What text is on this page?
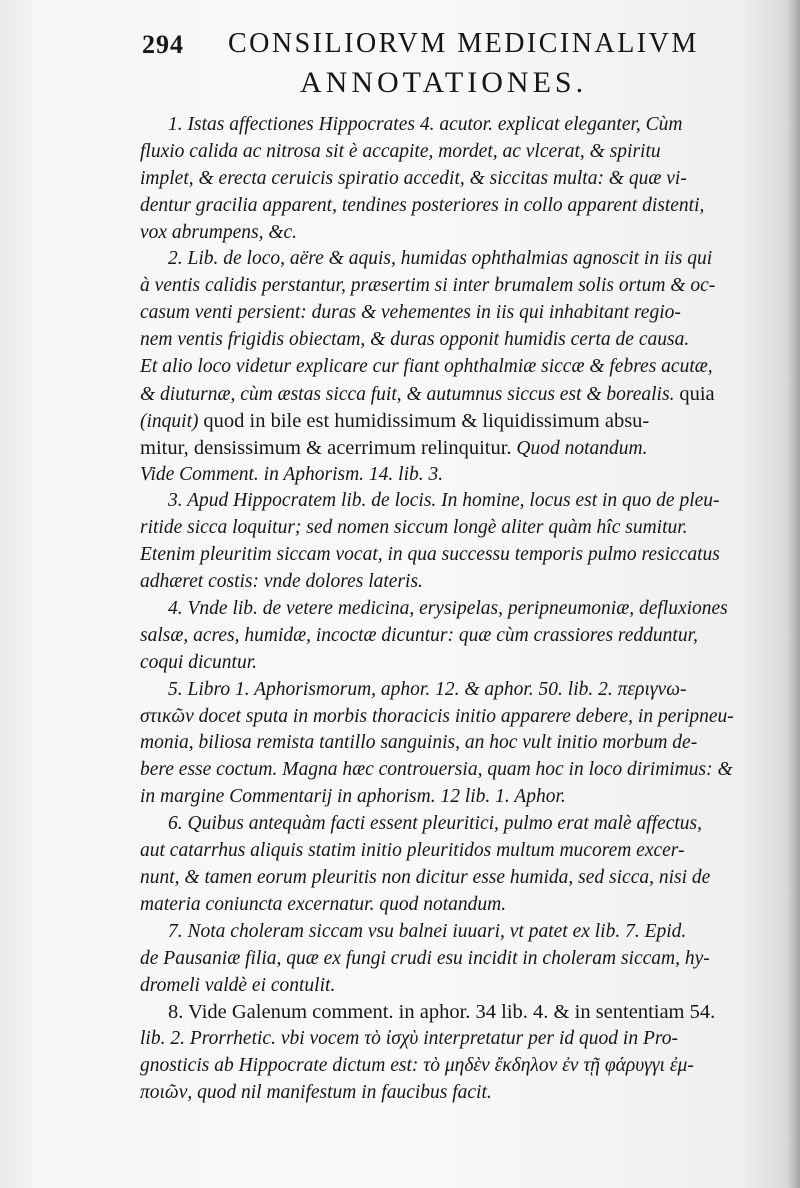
294 CONSILIORVM MEDICINALIVM
ANNOTATIONES.
1. Istas affectiones Hippocrates 4. acutor. explicat eleganter, Cùm
fluxio calida ac nitrosa sit è accapite, mordet, ac vlcerat, & spiritu
implet, & erecta ceruicis spiratio accedit, & siccitas multa: & quæ vi-
dentur gracilia apparent, tendines posteriores in collo apparent distenti,
vox abrumpens, &c.
2. Lib. de loco, aëre & aquis, humidas ophthalmias agnoscit in iis qui
à ventis calidis perstantur, præsertim si inter brumalem solis ortum & oc-
casum venti persient: duras & vehementes in iis qui inhabitant regio-
nem ventis frigidis obiectam, & duras opponit humidis certa de causa.
Et alio loco videtur explicare cur fiant ophthalmiæ siccæ & febres acutæ,
& diuturnæ, cùm æstas sicca fuit, & autumnus siccus est & borealis. quia
(inquit) quod in bile est humidissimum & liquidissimum absu-
mitur, densissimum & acerrimum relinquitur. Quod notandum.
Vide Comment. in Aphorism. 14. lib. 3.
3. Apud Hippocratem lib. de locis. In homine, locus est in quo de pleu-
ritide sicca loquitur; sed nomen siccum longè aliter quàm hîc sumitur.
Etenim pleuritim siccam vocat, in qua successu temporis pulmo resiccatus
adhæret costis: vnde dolores lateris.
4. Vnde lib. de vetere medicina, erysipelas, peripneumoniæ, defluxiones
salsæ, acres, humidæ, incoctæ dicuntur: quæ cùm crassiores redduntur,
coqui dicuntur.
5. Libro 1. Aphorismorum, aphor. 12. & aphor. 50. lib. 2. περιγνω-
στικῶν docet sputa in morbis thoracicis initio apparere debere, in peripneu-
monia, biliosa remista tantillo sanguinis, an hoc vult initio morbum de-
bere esse coctum. Magna hæc controuersia, quam hoc in loco dirimimus: &
in margine Commentarij in aphorism. 12 lib. 1. Aphor.
6. Quibus antequàm facti essent pleuritici, pulmo erat malè affectus,
aut catarrhus aliquis statim initio pleuritidos multum mucorem excer-
nunt, & tamen eorum pleuritis non dicitur esse humida, sed sicca, nisi de
materia coniuncta excernatur. quod notandum.
7. Nota choleram siccam vsu balnei iuuari, vt patet ex lib. 7. Epid.
de Pausaniæ filia, quæ ex fungi crudi esu incidit in choleram siccam, hy-
dromeli valdè ei contulit.
8. Vide Galenum comment. in aphor. 34 lib. 4. & in sententiam 54.
lib. 2. Prorrhetic. vbi vocem τὸ ἰσχὺ interpretatur per id quod in Pro-
gnosticis ab Hippocrate dictum est: τὸ μηδὲν ἔκδηλον ἐν τῇ φάρυγγι ἐμ-
ποιῶν, quod nil manifestum in faucibus facit.
